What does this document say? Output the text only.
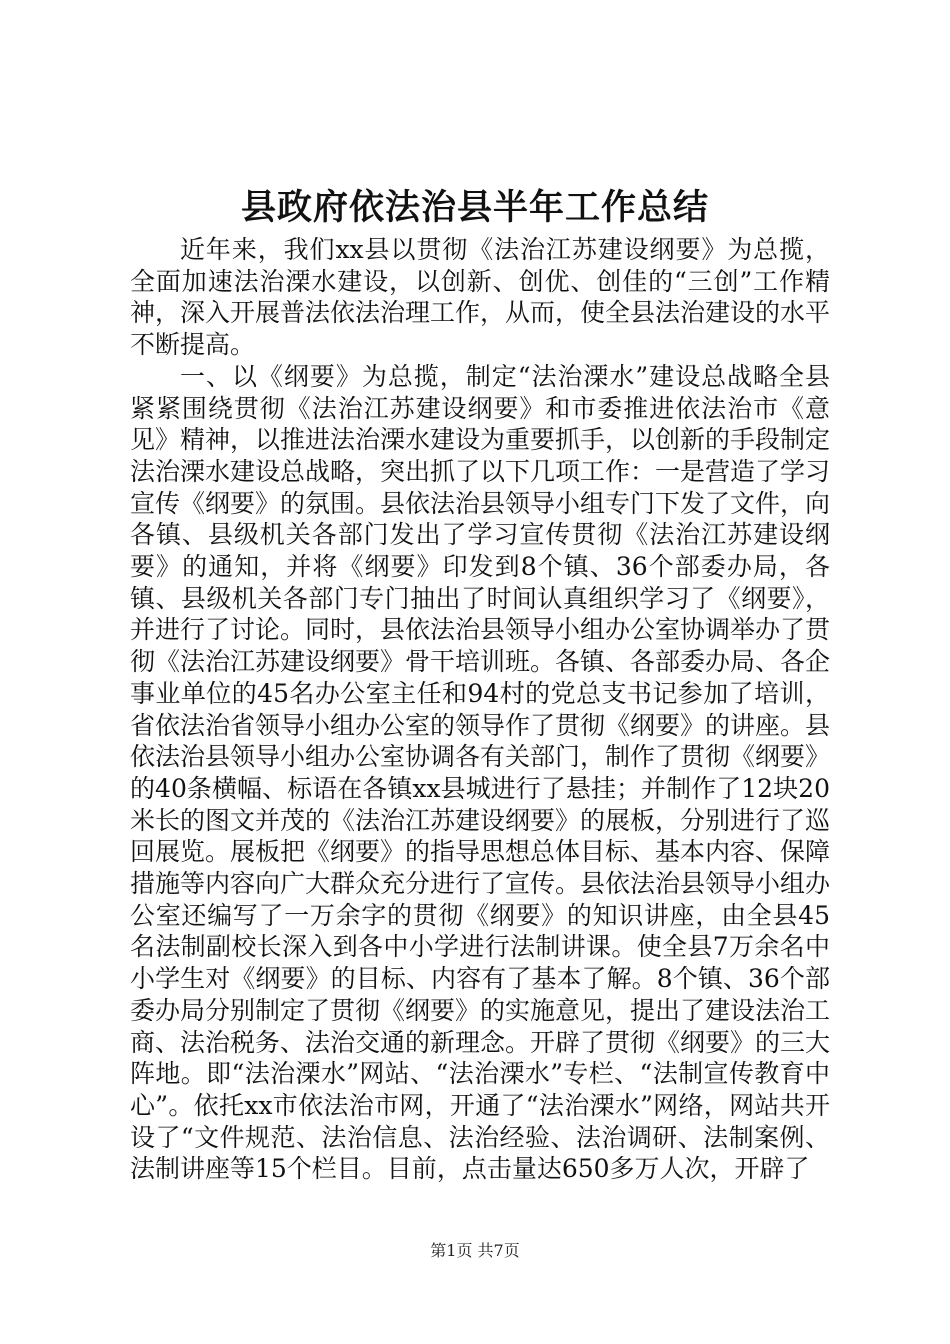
县政府依法治县半年工作总结

近年来，我们xx县以贯彻《法治江苏建设纲要》为总揽，全面加速法治溧水建设，以创新、创优、创佳的“三创”工作精神，深入开展普法依法治理工作，从而，使全县法治建设的水平不断提高。

一、以《纲要》为总揽，制定“法治溧水”建设总战略全县紧紧围绕贯彻《法治江苏建设纲要》和市委推进依法治市《意见》精神，以推进法治溧水建设为重要抓手，以创新的手段制定法治溧水建设总战略，突出抓了以下几项工作：一是营造了学习宣传《纲要》的氛围。县依法治县领导小组专门下发了文件，向各镇、县级机关各部门发出了学习宣传贯彻《法治江苏建设纲要》的通知，并将《纲要》印发到8个镇、36个部委办局，各镇、县级机关各部门专门抽出了时间认真组织学习了《纲要》，并进行了讨论。同时，县依法治县领导小组办公室协调举办了贯彻《法治江苏建设纲要》骨干培训班。各镇、各部委办局、各企事业单位的45名办公室主任和94村的党总支书记参加了培训，省依法治省领导小组办公室的领导作了贯彻《纲要》的讲座。县依法治县领导小组办公室协调各有关部门，制作了贯彻《纲要》的40条横幅、标语在各镇xx县城进行了悬挂；并制作了12块20米长的图文并茂的《法治江苏建设纲要》的展板，分别进行了巡回展览。展板把《纲要》的指导思想总体目标、基本内容、保障措施等内容向广大群众充分进行了宣传。县依法治县领导小组办公室还编写了一万余字的贯彻《纲要》的知识讲座，由全县45名法制副校长深入到各中小学进行法制讲课。使全县7万余名中小学生对《纲要》的目标、内容有了基本了解。8个镇、36个部委办局分别制定了贯彻《纲要》的实施意见，提出了建设法治工商、法治税务、法治交通的新理念。开辟了贯彻《纲要》的三大阵地。即“法治溧水”网站、“法治溧水”专栏、“法制宣传教育中心”。依托xx市依法治市网，开通了“法治溧水”网络，网站共开设了“文件规范、法治信息、法治经验、法治调研、法制案例、法制讲座等15个栏目。目前，点击量达650多万人次，开辟了

第1页 共7页
